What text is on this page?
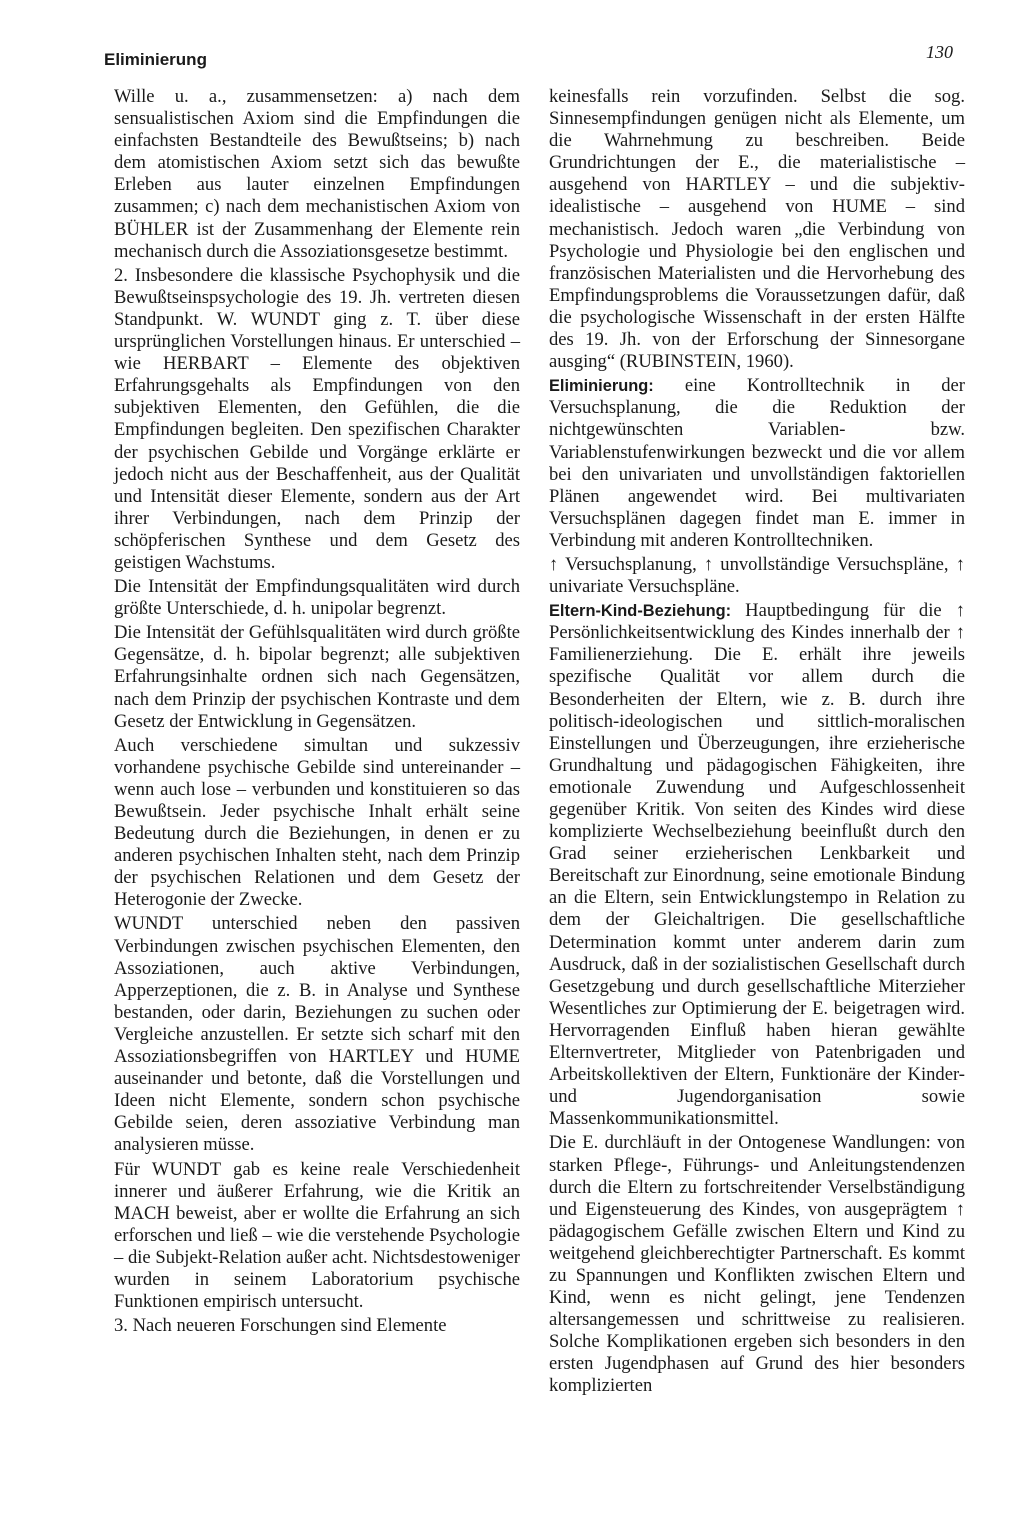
Eliminierung	130

Wille u. a., zusammensetzen: a) nach dem sensualistischen Axiom sind die Empfindungen die einfachsten Bestandteile des Bewußtseins; b) nach dem atomistischen Axiom setzt sich das bewußte Erleben aus lauter einzelnen Empfindungen zusammen; c) nach dem mechanistischen Axiom von BÜHLER ist der Zusammenhang der Elemente rein mechanisch durch die Assoziationsgesetze bestimmt.

2. Insbesondere die klassische Psychophysik und die Bewußtseinspsychologie des 19. Jh. vertreten diesen Standpunkt. W. WUNDT ging z. T. über diese ursprünglichen Vorstellungen hinaus. Er unterschied – wie HERBART – Elemente des objektiven Erfahrungsgehalts als Empfindungen von den subjektiven Elementen, den Gefühlen, die die Empfindungen begleiten. Den spezifischen Charakter der psychischen Gebilde und Vorgänge erklärte er jedoch nicht aus der Beschaffenheit, aus der Qualität und Intensität dieser Elemente, sondern aus der Art ihrer Verbindungen, nach dem Prinzip der schöpferischen Synthese und dem Gesetz des geistigen Wachstums.

Die Intensität der Empfindungsqualitäten wird durch größte Unterschiede, d. h. unipolar begrenzt.

Die Intensität der Gefühlsqualitäten wird durch größte Gegensätze, d. h. bipolar begrenzt; alle subjektiven Erfahrungsinhalte ordnen sich nach Gegensätzen, nach dem Prinzip der psychischen Kontraste und dem Gesetz der Entwicklung in Gegensätzen.

Auch verschiedene simultan und sukzessiv vorhandene psychische Gebilde sind untereinander – wenn auch lose – verbunden und konstituieren so das Bewußtsein. Jeder psychische Inhalt erhält seine Bedeutung durch die Beziehungen, in denen er zu anderen psychischen Inhalten steht, nach dem Prinzip der psychischen Relationen und dem Gesetz der Heterogonie der Zwecke.

WUNDT unterschied neben den passiven Verbindungen zwischen psychischen Elementen, den Assoziationen, auch aktive Verbindungen, Apperzeptionen, die z. B. in Analyse und Synthese bestanden, oder darin, Beziehungen zu suchen oder Vergleiche anzustellen. Er setzte sich scharf mit den Assoziationsbegriffen von HARTLEY und HUME auseinander und betonte, daß die Vorstellungen und Ideen nicht Elemente, sondern schon psychische Gebilde seien, deren assoziative Verbindung man analysieren müsse.

Für WUNDT gab es keine reale Verschiedenheit innerer und äußerer Erfahrung, wie die Kritik an MACH beweist, aber er wollte die Erfahrung an sich erforschen und ließ – wie die verstehende Psychologie – die Subjekt-Relation außer acht. Nichtsdestoweniger wurden in seinem Laboratorium psychische Funktionen empirisch untersucht.

3. Nach neueren Forschungen sind Elemente

keinesfalls rein vorzufinden. Selbst die sog. Sinnesempfindungen genügen nicht als Elemente, um die Wahrnehmung zu beschreiben. Beide Grundrichtungen der E., die materialistische – ausgehend von HARTLEY – und die subjektiv-idealistische – ausgehend von HUME – sind mechanistisch. Jedoch waren „die Verbindung von Psychologie und Physiologie bei den englischen und französischen Materialisten und die Hervorhebung des Empfindungsproblems die Voraussetzungen dafür, daß die psychologische Wissenschaft in der ersten Hälfte des 19. Jh. von der Erforschung der Sinnesorgane ausging“ (RUBINSTEIN, 1960).

Eliminierung: eine Kontrolltechnik in der Versuchsplanung, die die Reduktion der nichtgewünschten Variablen- bzw. Variablenstufenwirkungen bezweckt und die vor allem bei den univariaten und unvollständigen faktoriellen Plänen angewendet wird. Bei multivariaten Versuchsplänen dagegen findet man E. immer in Verbindung mit anderen Kontrolltechniken.

↑ Versuchsplanung, ↑ unvollständige Versuchspläne, ↑ univariate Versuchspläne.

Eltern-Kind-Beziehung: Hauptbedingung für die ↑ Persönlichkeitsentwicklung des Kindes innerhalb der ↑ Familienerziehung. Die E. erhält ihre jeweils spezifische Qualität vor allem durch die Besonderheiten der Eltern, wie z. B. durch ihre politisch-ideologischen und sittlich-moralischen Einstellungen und Überzeugungen, ihre erzieherische Grundhaltung und pädagogischen Fähigkeiten, ihre emotionale Zuwendung und Aufgeschlossenheit gegenüber Kritik. Von seiten des Kindes wird diese komplizierte Wechselbeziehung beeinflußt durch den Grad seiner erzieherischen Lenkbarkeit und Bereitschaft zur Einordnung, seine emotionale Bindung an die Eltern, sein Entwicklungstempo in Relation zu dem der Gleichaltrigen. Die gesellschaftliche Determination kommt unter anderem darin zum Ausdruck, daß in der sozialistischen Gesellschaft durch Gesetzgebung und durch gesellschaftliche Miterzieher Wesentliches zur Optimierung der E. beigetragen wird. Hervorragenden Einfluß haben hieran gewählte Elternvertreter, Mitglieder von Patenbrigaden und Arbeitskollektiven der Eltern, Funktionäre der Kinder- und Jugendorganisation sowie Massenkommunikationsmittel.

Die E. durchläuft in der Ontogenese Wandlungen: von starken Pflege-, Führungs- und Anleitungstendenzen durch die Eltern zu fortschreitender Verselbständigung und Eigensteuerung des Kindes, von ausgeprägtem ↑ pädagogischem Gefälle zwischen Eltern und Kind zu weitgehend gleichberechtigter Partnerschaft. Es kommt zu Spannungen und Konflikten zwischen Eltern und Kind, wenn es nicht gelingt, jene Tendenzen altersangemessen und schrittweise zu realisieren. Solche Komplikationen ergeben sich besonders in den ersten Jugendphasen auf Grund des hier besonders komplizierten
